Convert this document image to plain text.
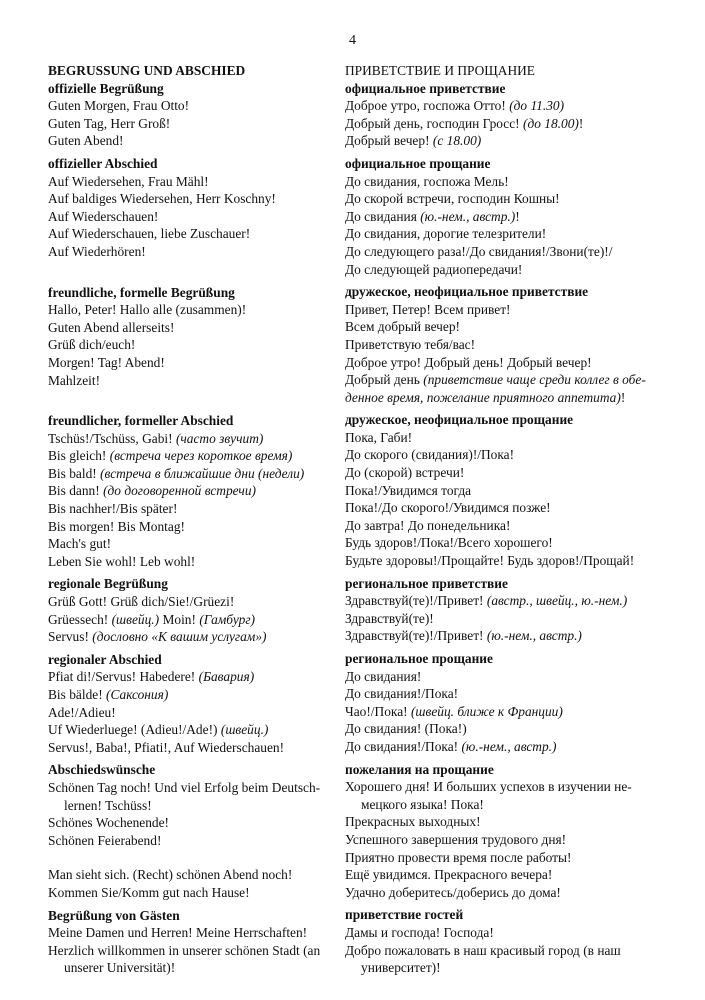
4
BEGRUSSUNG UND ABSCHIED
offizielle Begrüßung
Guten Morgen, Frau Otto!
Guten Tag, Herr Groß!
Guten Abend!
offizieller Abschied
Auf Wiedersehen, Frau Mähl!
Auf baldiges Wiedersehen, Herr Koschny!
Auf Wiederschauen!
Auf Wiederschauen, liebe Zuschauer!
Auf Wiederhören!
freundliche, formelle Begrüßung
Hallo, Peter! Hallo alle (zusammen)!
Guten Abend allerseits!
Grüß dich/euch!
Morgen! Tag! Abend!
Mahlzeit!
freundlicher, formeller Abschied
Tschüs!/Tschüss, Gabi! (часто звучит)
Bis gleich! (встреча через короткое время)
Bis bald! (встреча в ближайшие дни (недели)
Bis dann! (до договоренной встречи)
Bis nachher!/Bis später!
Bis morgen! Bis Montag!
Mach's gut!
Leben Sie wohl! Leb wohl!
regionale Begrüßung
Grüß Gott! Grüß dich/Sie!/Grüezi!
Grüessech! (швейц.) Moin! (Гамбург)
Servus! (дословно «К вашим услугам»)
regionaler Abschied
Pfiat di!/Servus! Habedere! (Бавария)
Bis bälde! (Саксония)
Ade!/Adieu!
Uf Wiederluege! (Adieu!/Ade!) (швейц.)
Servus!, Baba!, Pfiati!, Auf Wiederschauen!
Abschiedswünsche
Schönen Tag noch! Und viel Erfolg beim Deutsch-
lernen! Tschüss!
Schönes Wochenende!
Schönen Feierabend!
Man sieht sich. (Recht) schönen Abend noch!
Kommen Sie/Komm gut nach Hause!
Begrüßung von Gästen
Meine Damen und Herren! Meine Herrschaften!
Herzlich willkommen in unserer schönen Stadt (an
unserer Universität)!
ПРИВЕТСТВИЕ И ПРОЩАНИЕ
официальное приветствие
Доброе утро, госпожа Отто! (до 11.30)
Добрый день, господин Гросс! (до 18.00)!
Добрый вечер! (с 18.00)
официальное прощание
До свидания, госпожа Мель!
До скорой встречи, господин Кошны!
До свидания (ю.-нем., австр.)!
До свидания, дорогие телезрители!
До следующего раза!/До свидания!/Звони(те)!/
До следующей радиопередачи!
дружеское, неофициальное приветствие
Привет, Петер! Всем привет!
Всем добрый вечер!
Приветствую тебя/вас!
Доброе утро! Добрый день! Добрый вечер!
Добрый день (приветствие чаще среди коллег в обе-
денное время, пожелание приятного аппетита)!
дружеское, неофициальное прощание
Пока, Габи!
До скорого (свидания)!/Пока!
До (скорой) встречи!
Пока!/Увидимся тогда
Пока!/До скорого!/Увидимся позже!
До завтра! До понедельника!
Будь здоров!/Пока!/Всего хорошего!
Будьте здоровы!/Прощайте! Будь здоров!/Прощай!
региональное приветствие
Здравствуй(те)!/Привет! (австр., швейц., ю.-нем.)
Здравствуй(те)!
Здравствуй(те)!/Привет! (ю.-нем., австр.)
региональное прощание
До свидания!
До свидания!/Пока!
Чао!/Пока! (швейц. ближе к Франции)
До свидания! (Пока!)
До свидания!/Пока! (ю.-нем., австр.)
пожелания на прощание
Хорошего дня! И больших успехов в изучении не-
мецкого языка! Пока!
Прекрасных выходных!
Успешного завершения трудового дня!
Приятно провести время после работы!
Ещё увидимся. Прекрасного вечера!
Удачно доберитесь/доберись до дома!
приветствие гостей
Дамы и господа! Господа!
Добро пожаловать в наш красивый город (в наш
университет)!
